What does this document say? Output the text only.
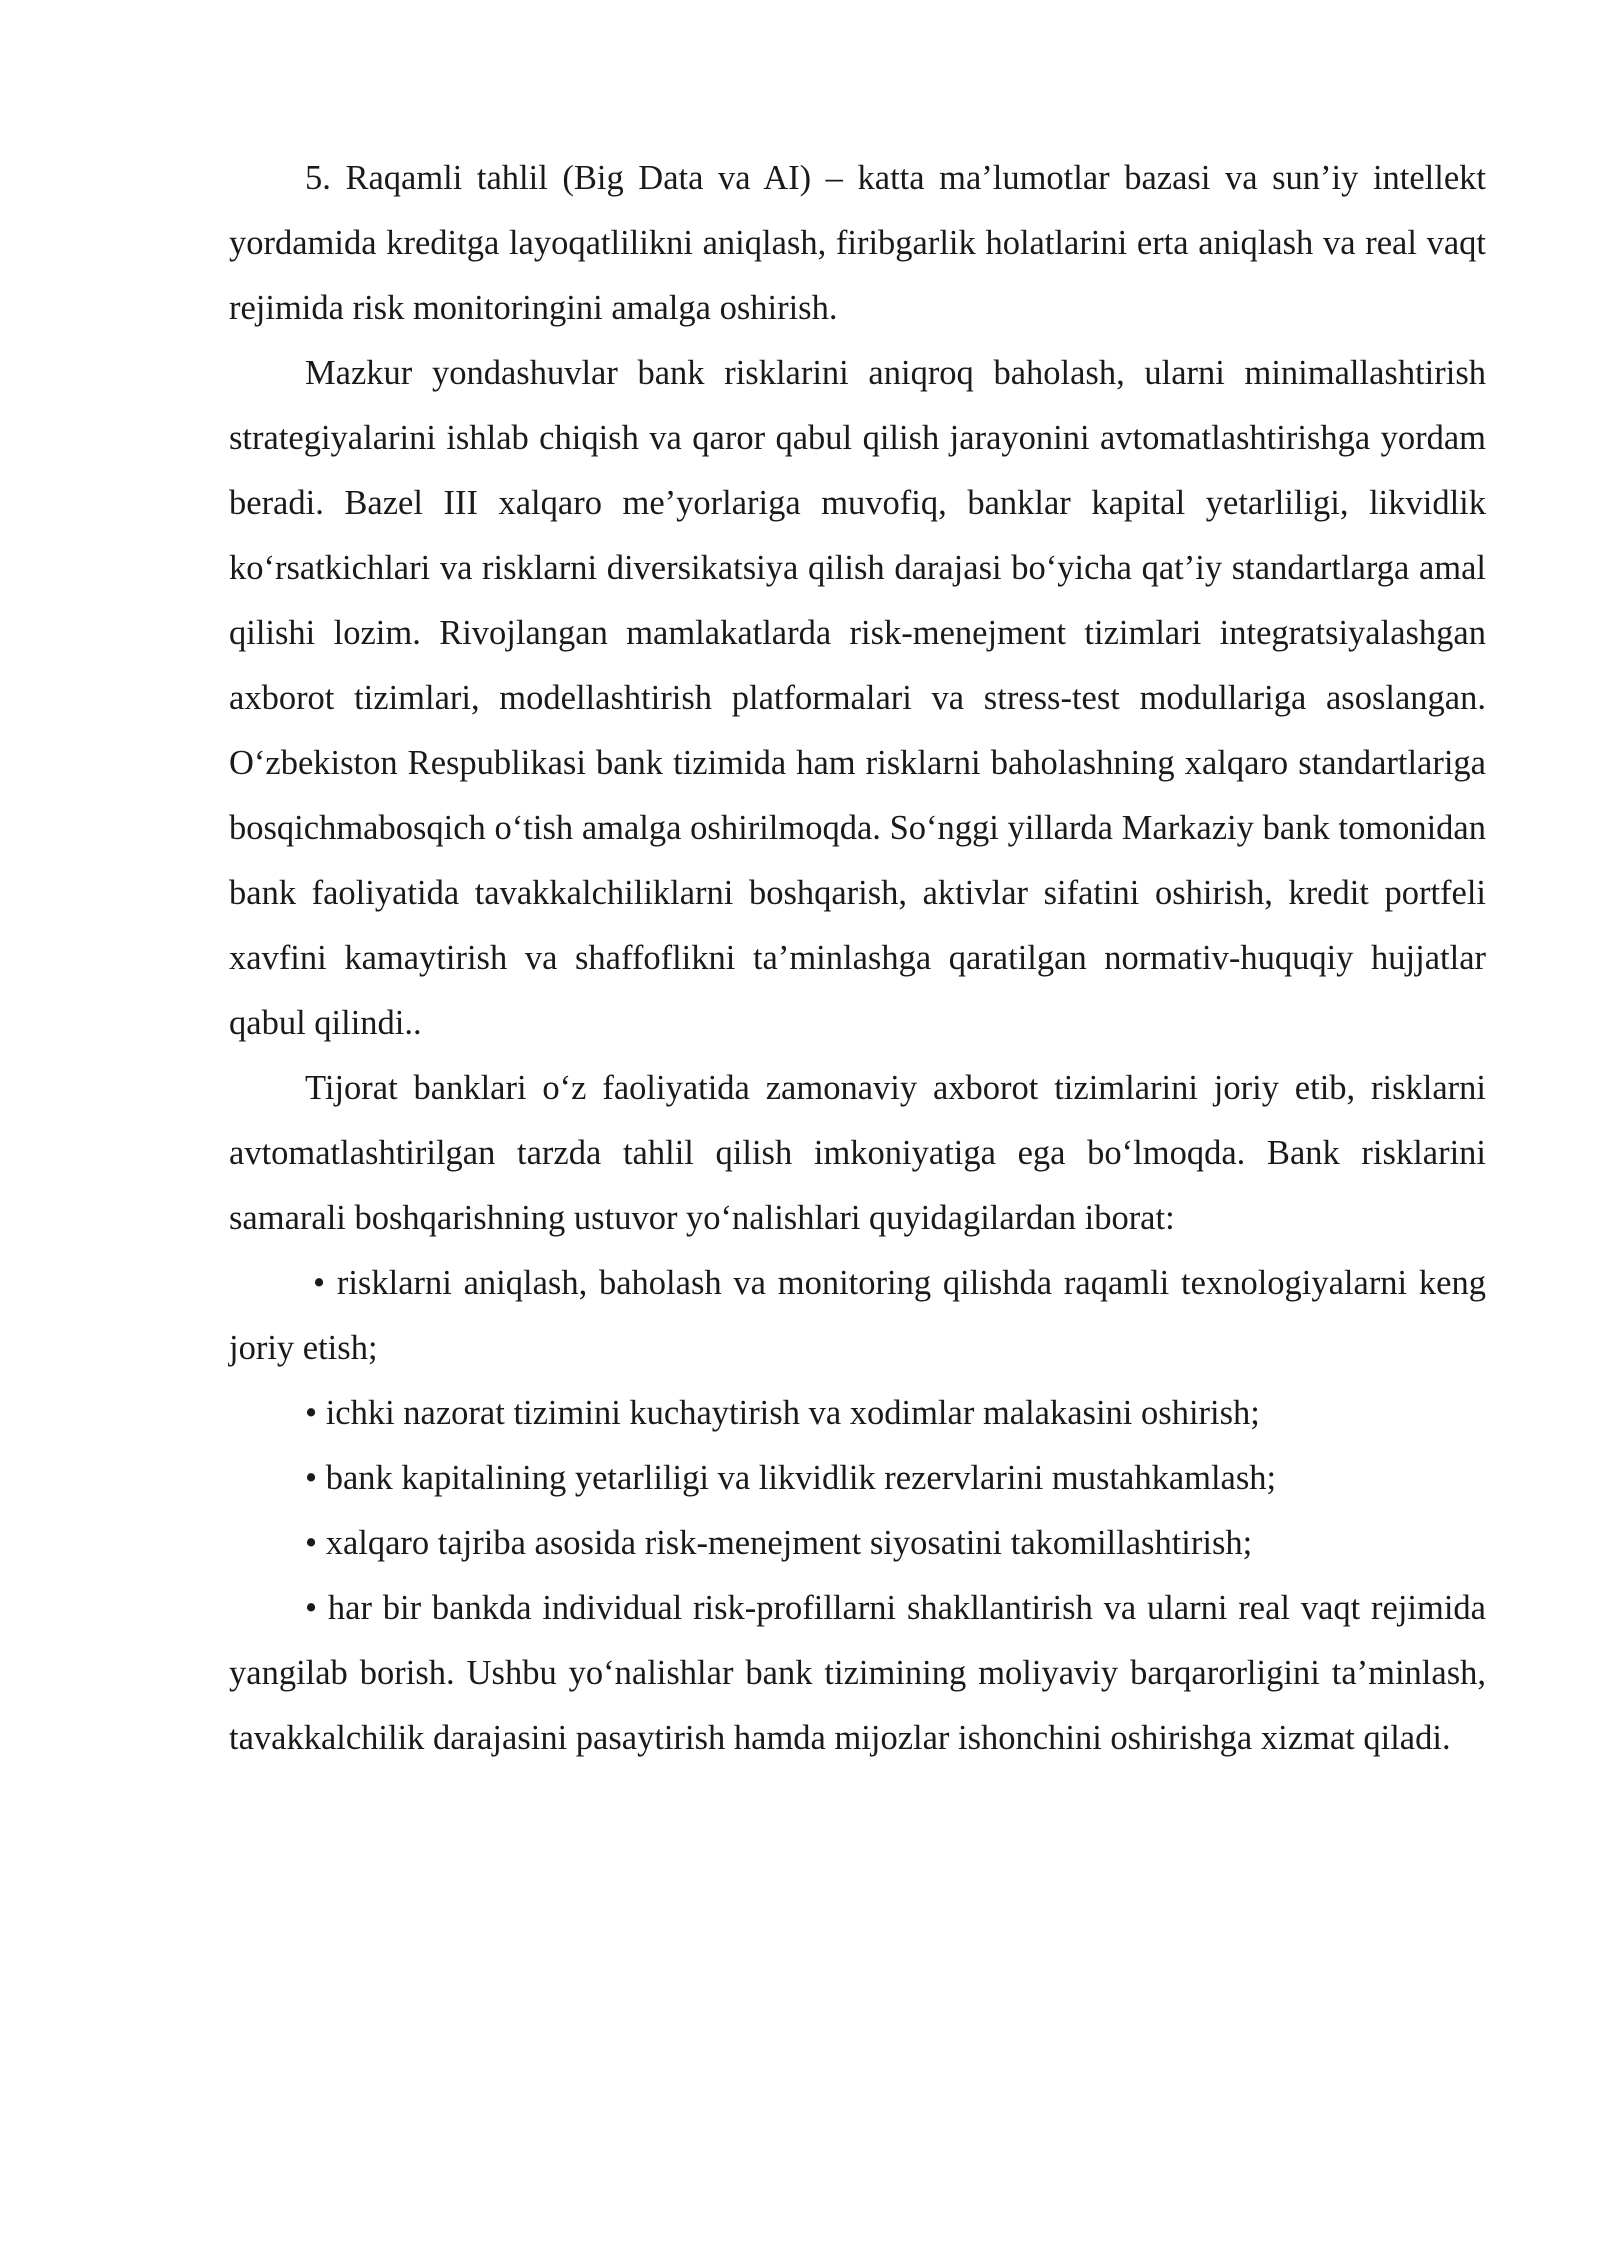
5. Raqamli tahlil (Big Data va AI) – katta ma’lumotlar bazasi va sun’iy intellekt yordamida kreditga layoqatlilikni aniqlash, firibgarlik holatlarini erta aniqlash va real vaqt rejimida risk monitoringini amalga oshirish.

Mazkur yondashuvlar bank risklarini aniqroq baholash, ularni minimallashtirish strategiyalarini ishlab chiqish va qaror qabul qilish jarayonini avtomatlashtirishga yordam beradi. Bazel III xalqaro me’yorlariga muvofiq, banklar kapital yetarliligi, likvidlik ko‘rsatkichlari va risklarni diversikatsiya qilish darajasi bo‘yicha qat’iy standartlarga amal qilishi lozim. Rivojlangan mamlakatlarda risk-menejment tizimlari integratsiyalashgan axborot tizimlari, modellashtirish platformalari va stress-test modullariga asoslangan. O‘zbekiston Respublikasi bank tizimida ham risklarni baholashning xalqaro standartlariga bosqichmabosqich o‘tish amalga oshirilmoqda. So‘nggi yillarda Markaziy bank tomonidan bank faoliyatida tavakkalchiliklarni boshqarish, aktivlar sifatini oshirish, kredit portfeli xavfini kamaytirish va shaffoflikni ta’minlashga qaratilgan normativ-huquqiy hujjatlar qabul qilindi..

Tijorat banklari o‘z faoliyatida zamonaviy axborot tizimlarini joriy etib, risklarni avtomatlashtirilgan tarzda tahlil qilish imkoniyatiga ega bo‘lmoqda. Bank risklarini samarali boshqarishning ustuvor yo‘nalishlari quyidagilardan iborat:

• risklarni aniqlash, baholash va monitoring qilishda raqamli texnologiyalarni keng joriy etish;

• ichki nazorat tizimini kuchaytirish va xodimlar malakasini oshirish;

• bank kapitalining yetarliligi va likvidlik rezervlarini mustahkamlash;

• xalqaro tajriba asosida risk-menejment siyosatini takomillashtirish;

• har bir bankda individual risk-profillarni shakllantirish va ularni real vaqt rejimida yangilab borish. Ushbu yo‘nalishlar bank tizimining moliyaviy barqarorligini ta’minlash, tavakkalchilik darajasini pasaytirish hamda mijozlar ishonchini oshirishga xizmat qiladi.
